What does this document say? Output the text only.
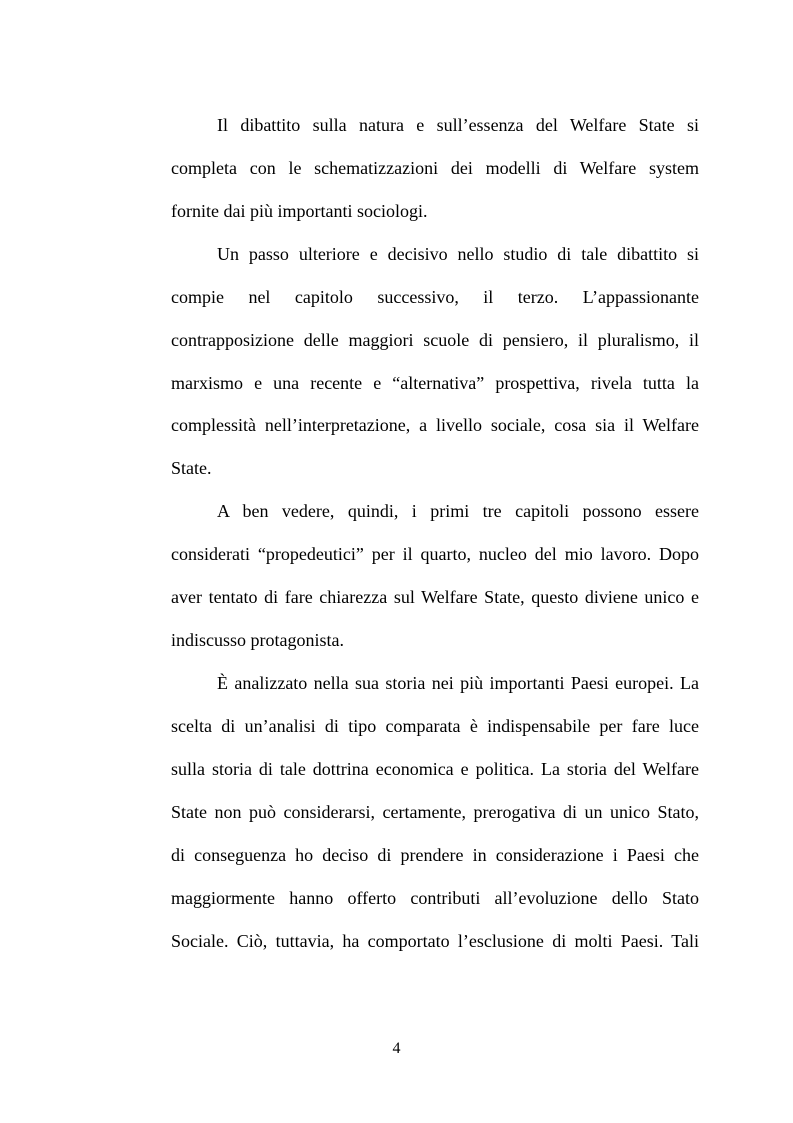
Il dibattito sulla natura e sull’essenza del Welfare State si
completa con le schematizzazioni dei modelli di Welfare system
fornite dai più importanti sociologi.
Un passo ulteriore e decisivo nello studio di tale dibattito si
compie nel capitolo successivo, il terzo. L’appassionante
contrapposizione delle maggiori scuole di pensiero, il pluralismo, il
marxismo e una recente e “alternativa” prospettiva, rivela tutta la
complessità nell’interpretazione, a livello sociale, cosa sia il Welfare
State.
A ben vedere, quindi, i primi tre capitoli possono essere
considerati “propedeutici” per il quarto, nucleo del mio lavoro. Dopo
aver tentato di fare chiarezza sul Welfare State, questo diviene unico e
indiscusso protagonista.
È analizzato nella sua storia nei più importanti Paesi europei. La
scelta di un’analisi di tipo comparata è indispensabile per fare luce
sulla storia di tale dottrina economica e politica. La storia del Welfare
State non può considerarsi, certamente, prerogativa di un unico Stato,
di conseguenza ho deciso di prendere in considerazione i Paesi che
maggiormente hanno offerto contributi all’evoluzione dello Stato
Sociale. Ciò, tuttavia, ha comportato l’esclusione di molti Paesi. Tali
4
